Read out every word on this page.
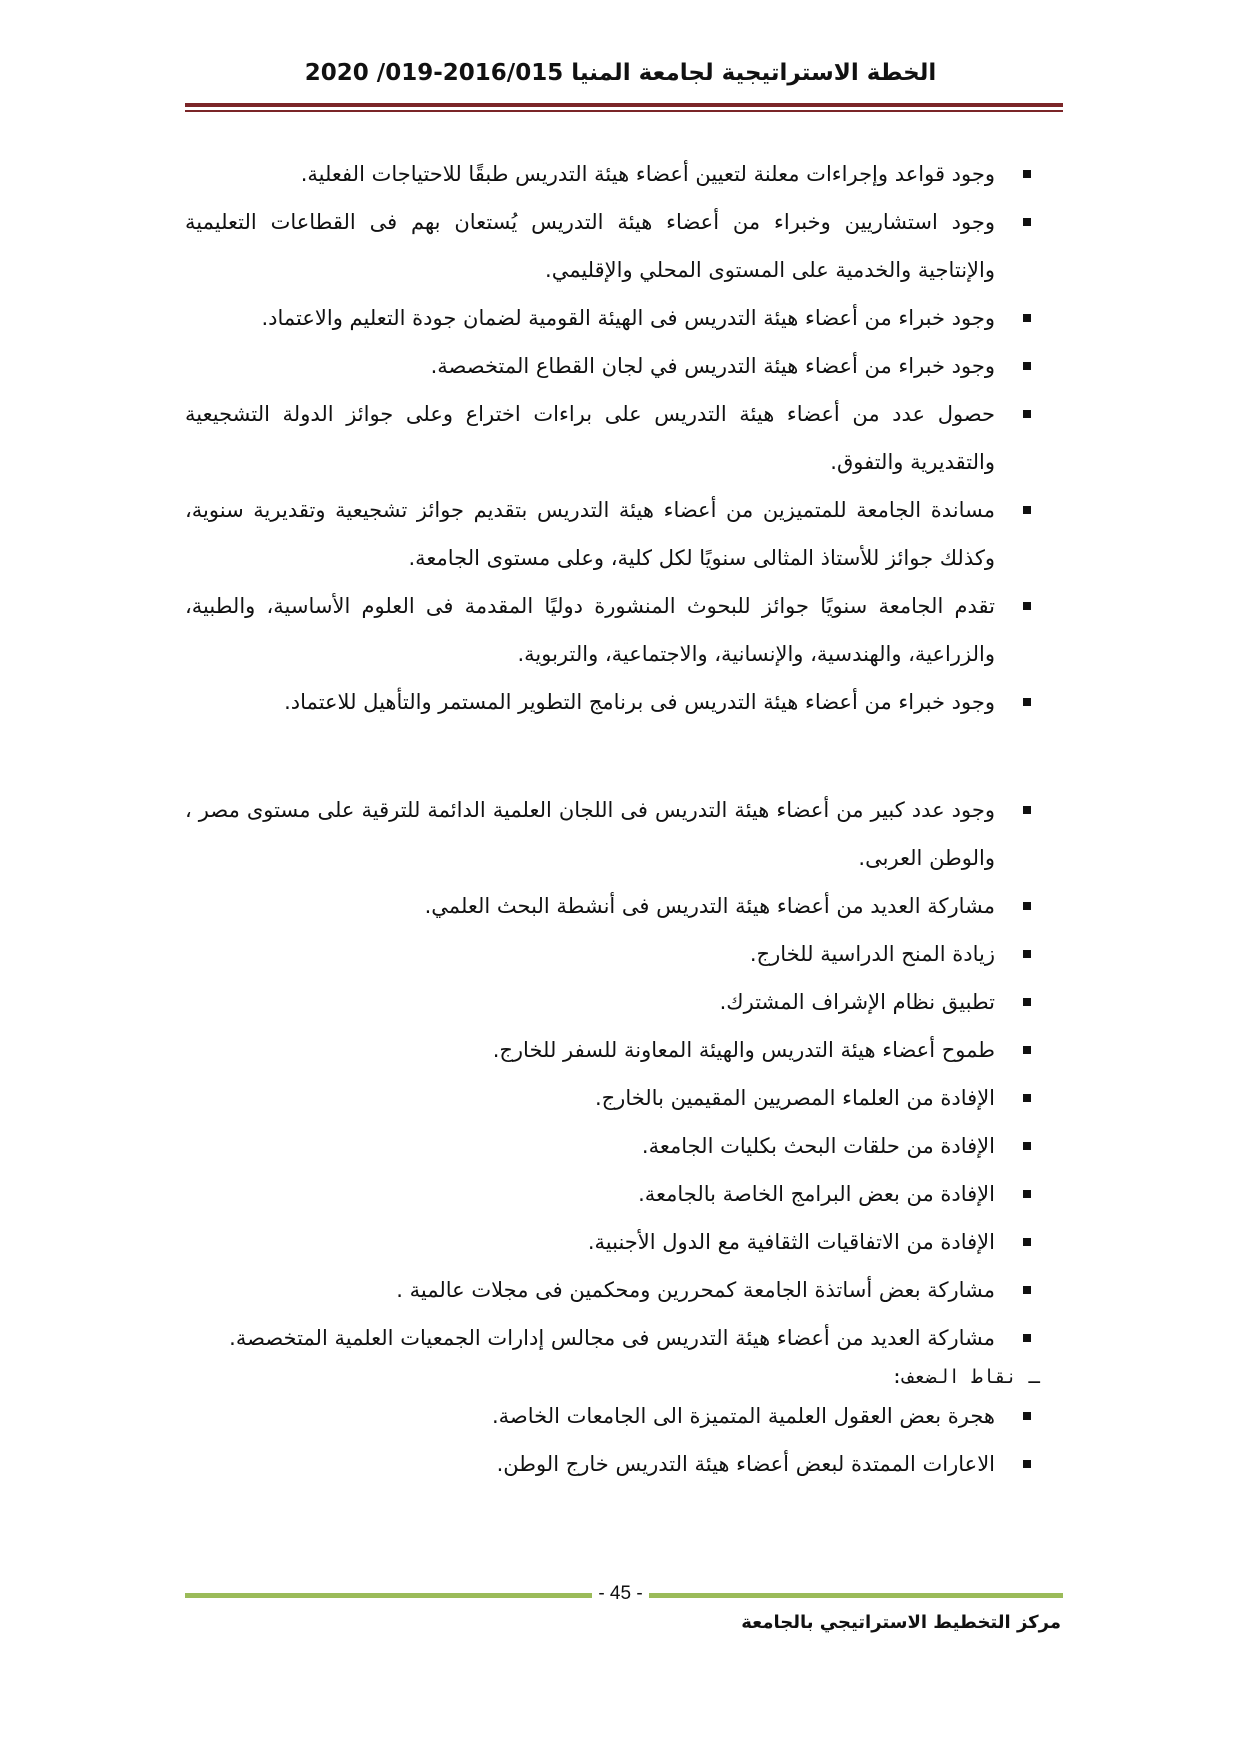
الخطة الاستراتيجية لجامعة المنيا 2016/015-019/ 2020
وجود قواعد وإجراءات معلنة لتعيين أعضاء هيئة التدريس طبقًا للاحتياجات الفعلية.
وجود استشاريين وخبراء من أعضاء هيئة التدريس يُستعان بهم فى القطاعات التعليمية والإنتاجية والخدمية على المستوى المحلي والإقليمي.
وجود خبراء من أعضاء هيئة التدريس فى الهيئة القومية لضمان جودة التعليم والاعتماد.
وجود خبراء من أعضاء هيئة التدريس في لجان القطاع المتخصصة.
حصول عدد من أعضاء هيئة التدريس على براءات اختراع وعلى جوائز الدولة التشجيعية والتقديرية والتفوق.
مساندة الجامعة للمتميزين من أعضاء هيئة التدريس بتقديم جوائز تشجيعية وتقديرية سنوية، وكذلك جوائز للأستاذ المثالى سنويًا لكل كلية، وعلى مستوى الجامعة.
تقدم الجامعة سنويًا جوائز للبحوث المنشورة دوليًا المقدمة فى العلوم الأساسية، والطبية، والزراعية، والهندسية، والإنسانية، والاجتماعية، والتربوية.
وجود خبراء من أعضاء هيئة التدريس فى برنامج التطوير المستمر والتأهيل للاعتماد.
وجود عدد كبير من أعضاء هيئة التدريس فى اللجان العلمية الدائمة للترقية على مستوى مصر ، والوطن العربى.
مشاركة العديد من أعضاء هيئة التدريس فى أنشطة البحث العلمي.
زيادة المنح الدراسية للخارج.
تطبيق نظام الإشراف المشترك.
طموح أعضاء هيئة التدريس والهيئة المعاونة للسفر للخارج.
الإفادة من العلماء المصريين المقيمين بالخارج.
الإفادة من حلقات البحث بكليات الجامعة.
الإفادة من بعض البرامج الخاصة بالجامعة.
الإفادة من الاتفاقيات الثقافية مع الدول الأجنبية.
مشاركة بعض أساتذة الجامعة كمحررين ومحكمين فى مجلات عالمية .
مشاركة العديد من أعضاء هيئة التدريس فى مجالس إدارات الجمعيات العلمية المتخصصة.
ـ نقاط الضعف:
هجرة بعض العقول العلمية المتميزة الى الجامعات الخاصة.
الاعارات الممتدة لبعض أعضاء هيئة التدريس خارج الوطن.
- 45 -
مركز التخطيط الاستراتيجي بالجامعة
